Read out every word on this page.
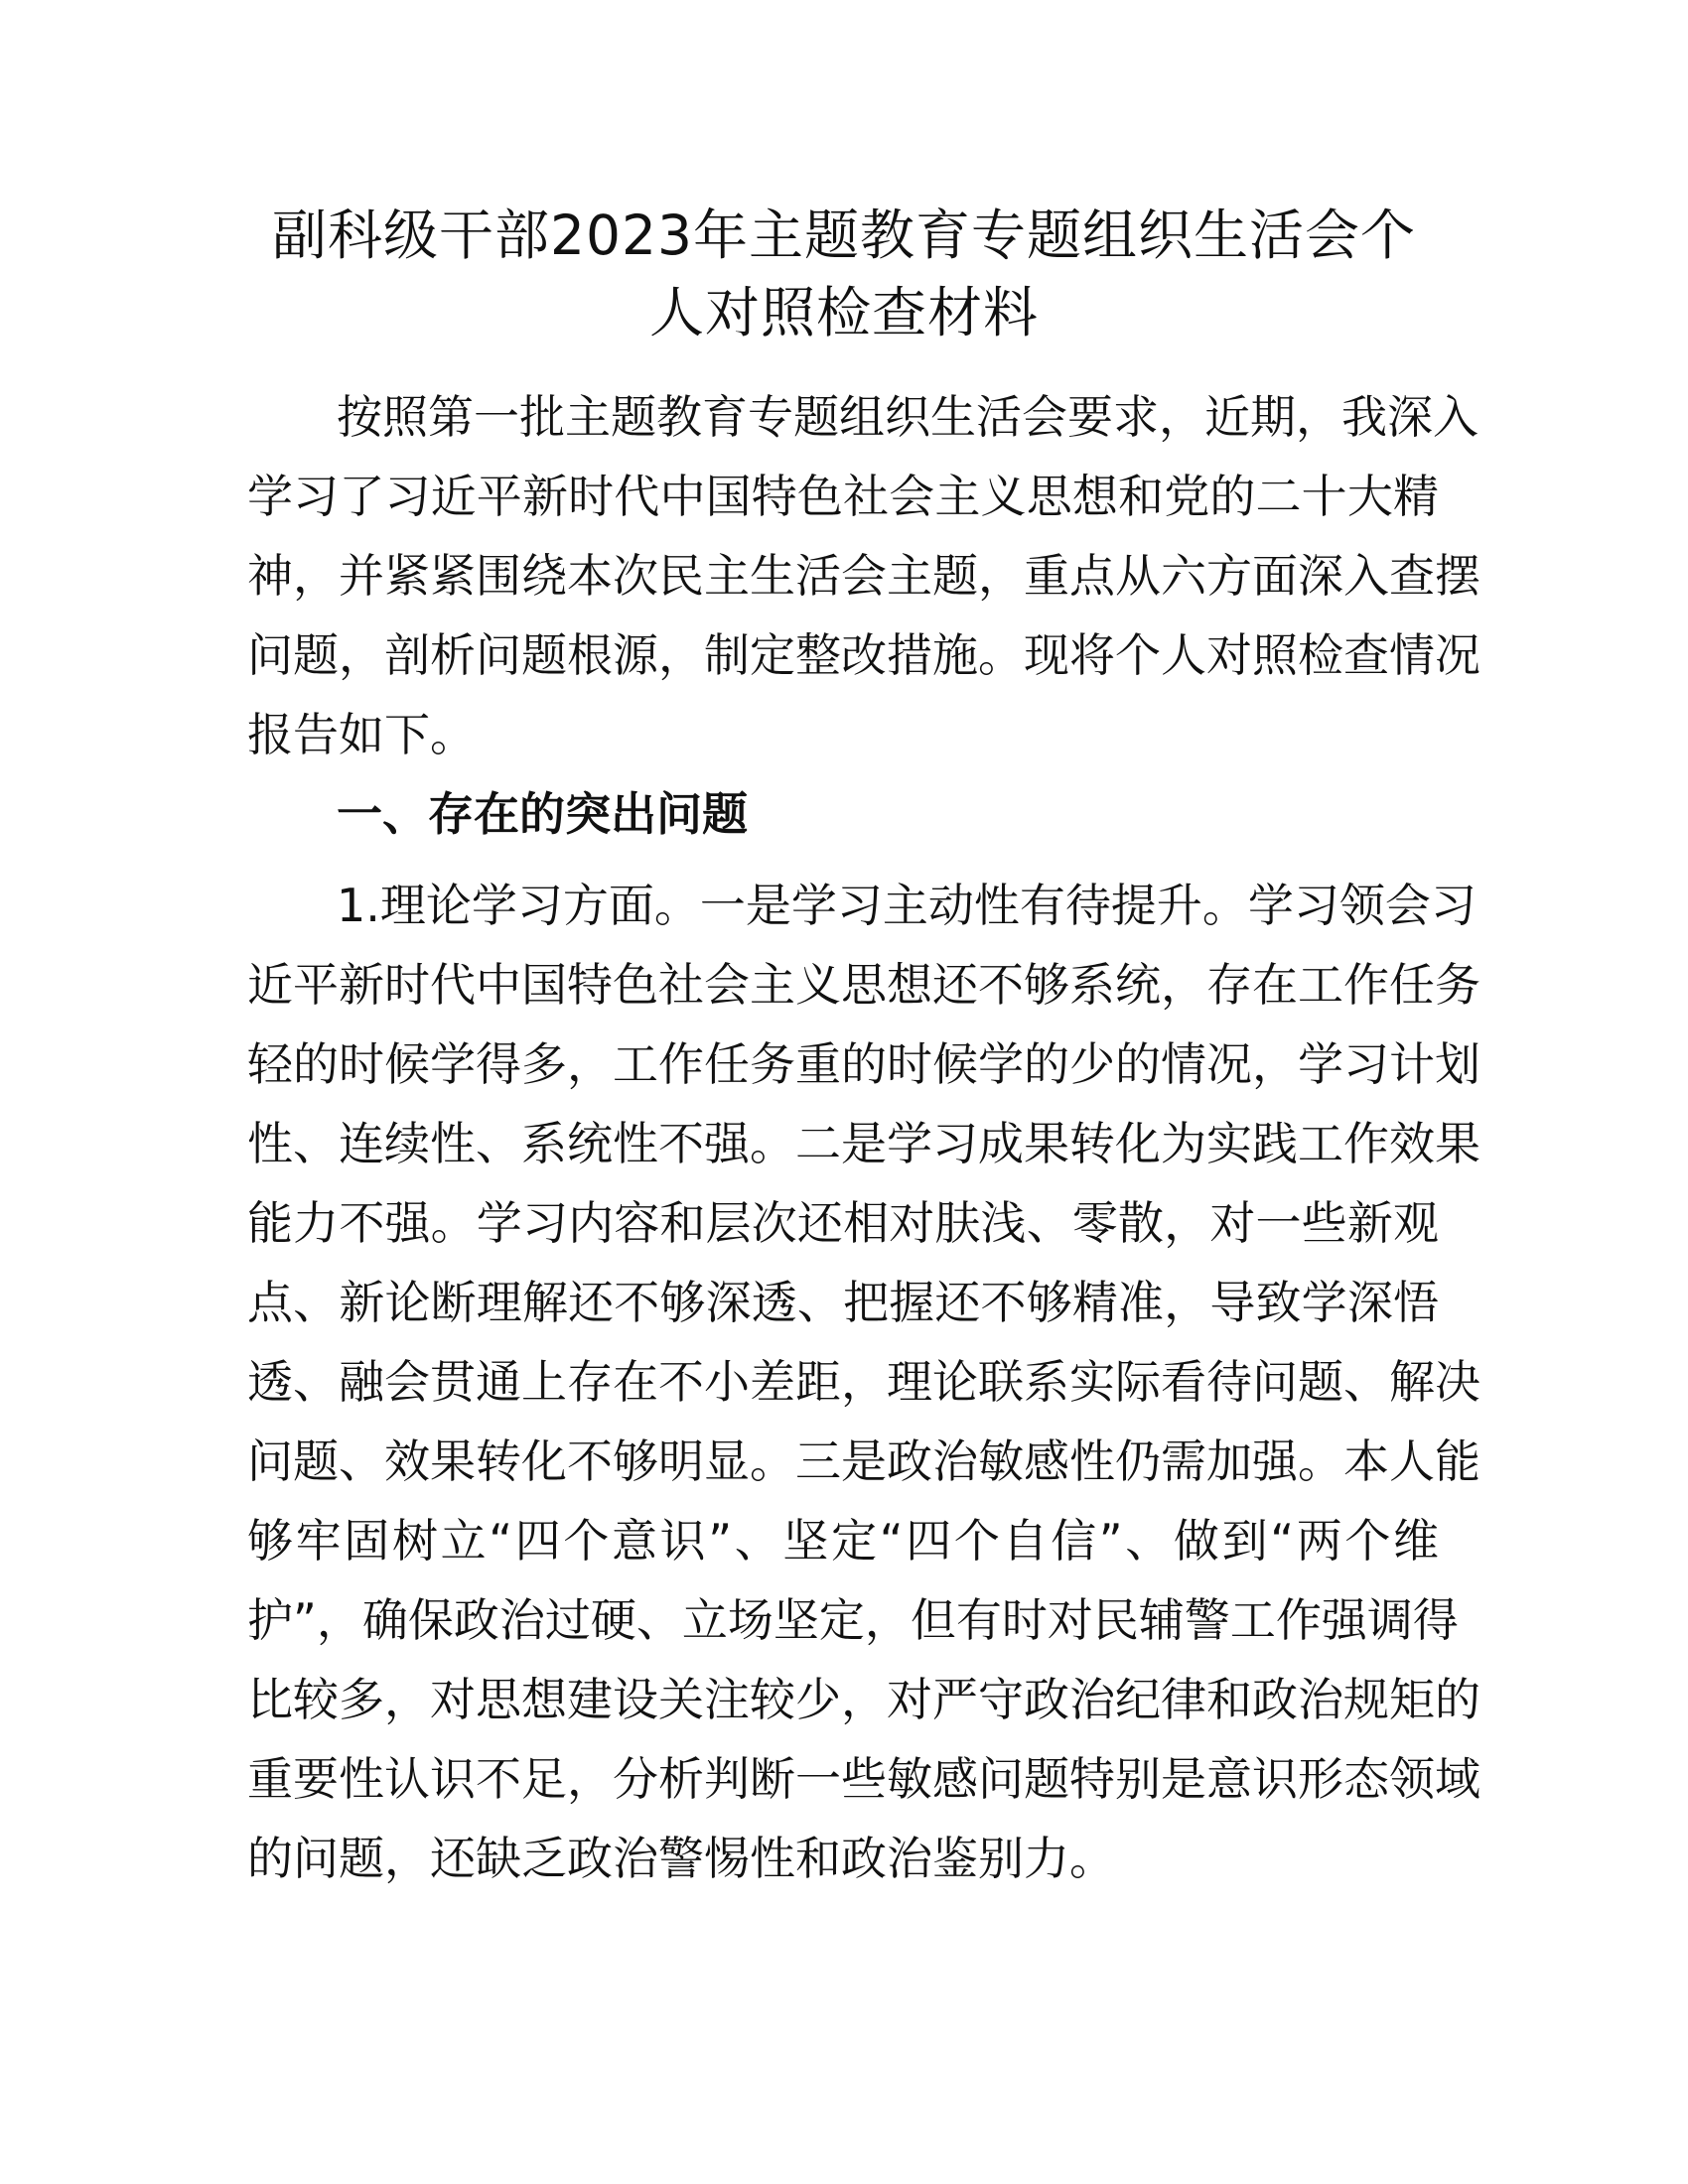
副科级干部2023年主题教育专题组织生活会个
人对照检查材料

按照第一批主题教育专题组织生活会要求，近期，我深入
学习了习近平新时代中国特色社会主义思想和党的二十大精
神，并紧紧围绕本次民主生活会主题，重点从六方面深入查摆
问题，剖析问题根源，制定整改措施。现将个人对照检查情况
报告如下。

一、存在的突出问题

1.理论学习方面。一是学习主动性有待提升。学习领会习
近平新时代中国特色社会主义思想还不够系统，存在工作任务
轻的时候学得多，工作任务重的时候学的少的情况，学习计划
性、连续性、系统性不强。二是学习成果转化为实践工作效果
能力不强。学习内容和层次还相对肤浅、零散，对一些新观
点、新论断理解还不够深透、把握还不够精准，导致学深悟
透、融会贯通上存在不小差距，理论联系实际看待问题、解决
问题、效果转化不够明显。三是政治敏感性仍需加强。本人能
够牢固树立“四个意识”、坚定“四个自信”、做到“两个维
护”，确保政治过硬、立场坚定，但有时对民辅警工作强调得
比较多，对思想建设关注较少，对严守政治纪律和政治规矩的
重要性认识不足，分析判断一些敏感问题特别是意识形态领域
的问题，还缺乏政治警惕性和政治鉴别力。
